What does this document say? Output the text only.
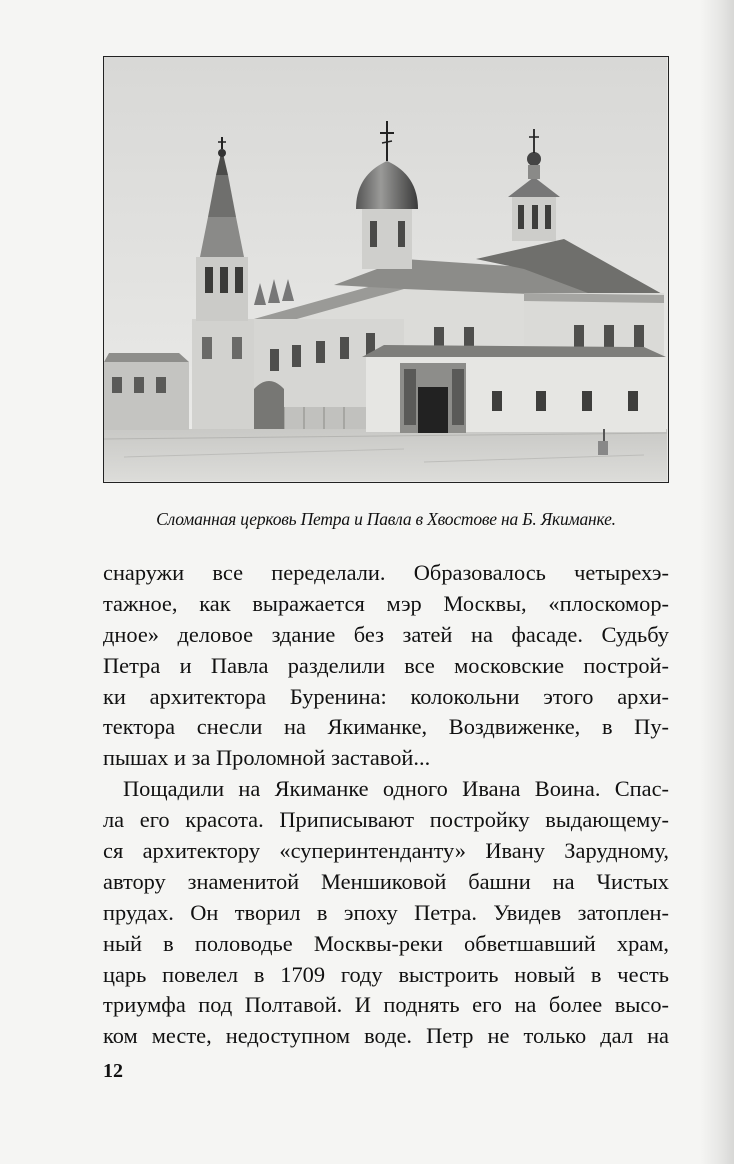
Сломанная церковь Петра и Павла в Хвостове на Б. Якиманке.
снаружи все переделали. Образовалось четырехэ-
тажное, как выражается мэр Москвы, «плоскомор-
дное» деловое здание без затей на фасаде. Судьбу
Петра и Павла разделили все московские построй-
ки архитектора Буренина: колокольни этого архи-
тектора снесли на Якиманке, Воздвиженке, в Пу-
пышах и за Проломной заставой...
Пощадили на Якиманке одного Ивана Воина. Спас-
ла его красота. Приписывают постройку выдающему-
ся архитектору «суперинтенданту» Ивану Зарудному,
автору знаменитой Меншиковой башни на Чистых
прудах. Он творил в эпоху Петра. Увидев затоплен-
ный в половодье Москвы-реки обветшавший храм,
царь повелел в 1709 году выстроить новый в честь
триумфа под Полтавой. И поднять его на более высо-
ком месте, недоступном воде. Петр не только дал на
12
